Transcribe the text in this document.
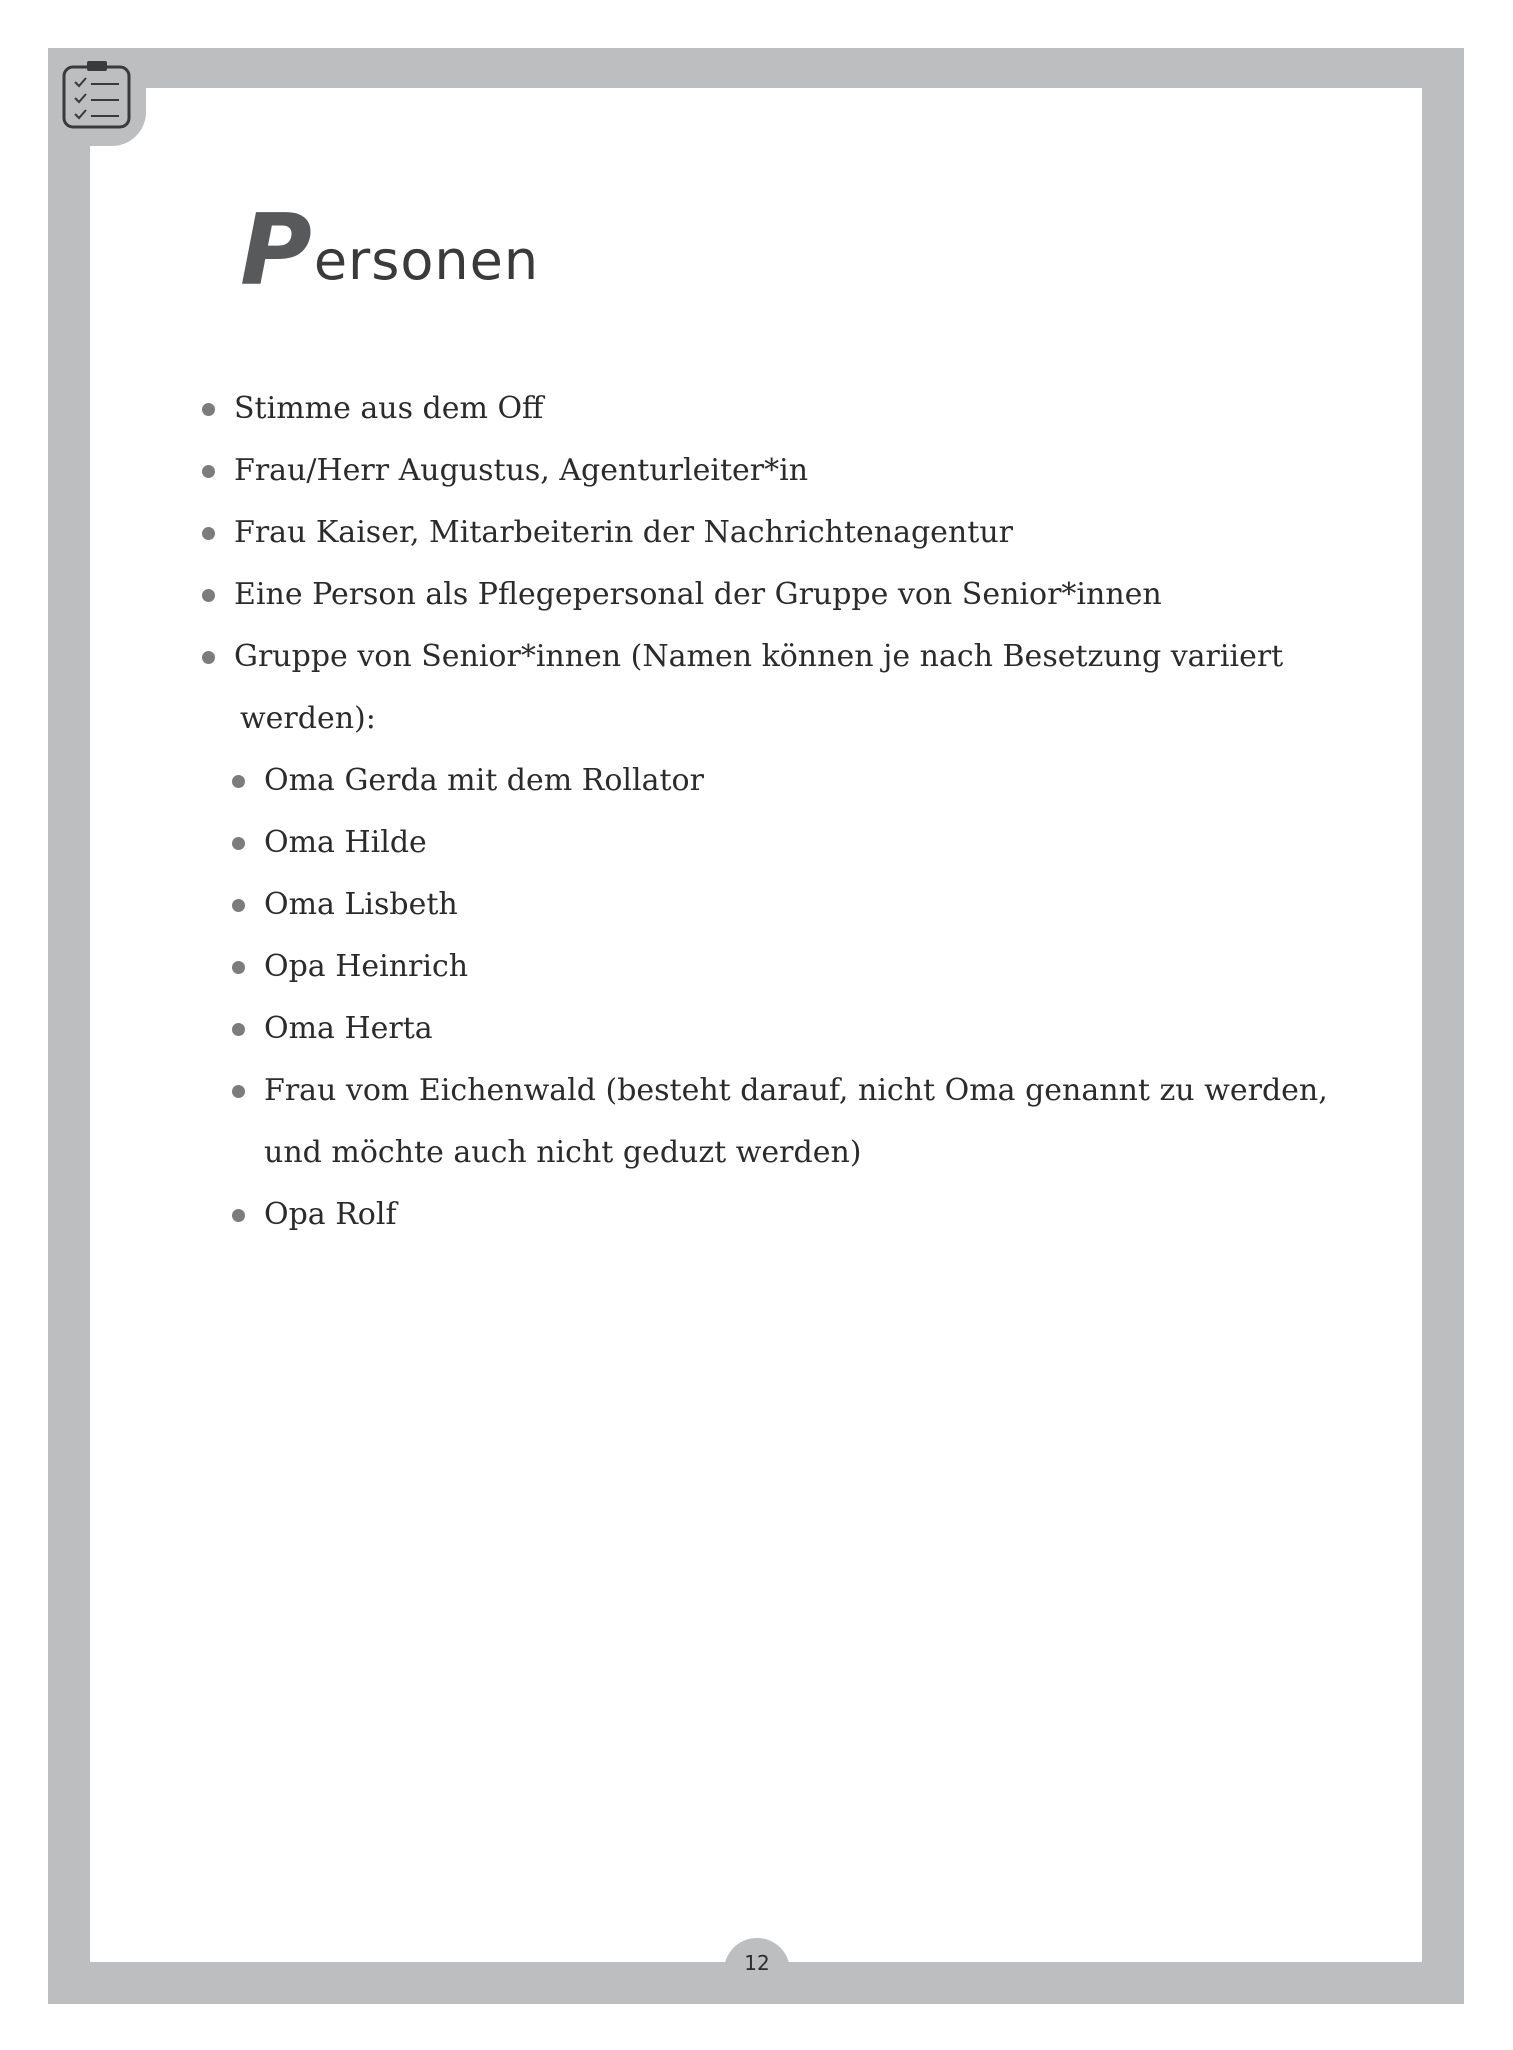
P ersonen
Stimme aus dem Off
Frau/Herr Augustus, Agenturleiter*in
Frau Kaiser, Mitarbeiterin der Nachrichtenagentur
Eine Person als Pflegepersonal der Gruppe von Senior*innen
Gruppe von Senior*innen (Namen können je nach Besetzung variiert
werden):
Oma Gerda mit dem Rollator
Oma Hilde
Oma Lisbeth
Opa Heinrich
Oma Herta
Frau vom Eichenwald (besteht darauf, nicht Oma genannt zu werden,
und möchte auch nicht geduzt werden)
Opa Rolf
12
